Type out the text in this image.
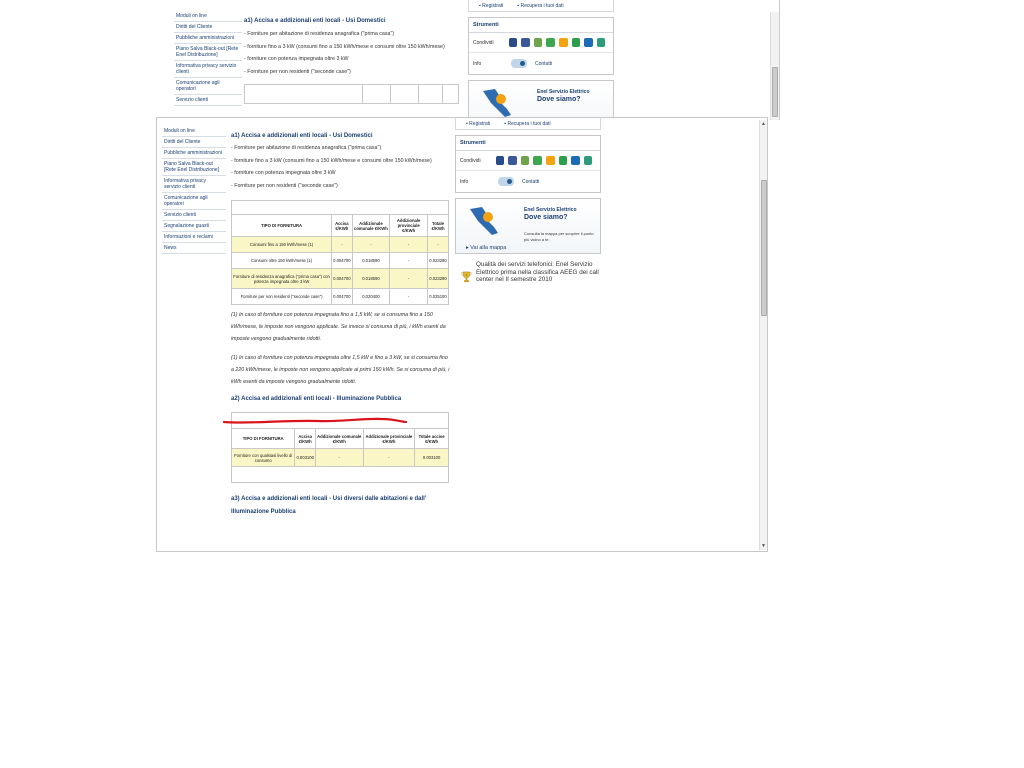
Moduli on line
Diritti del Cliente
Pubbliche amministrazioni
Piano Salva Black-out [Rete Enel Distribuzione]
Informativa privacy servizio clienti
Comunicazione agli operatori
Servizio clienti
a1) Accisa e addizionali enti locali - Usi Domestici
- Forniture per abitazione di residenza anagrafica ("prima casa")
- forniture fino a 3 kW (consumi fino a 150 kWh/mese e consumi oltre 150 kWh/mese)
- forniture con potenza impegnata oltre 3 kW
- Forniture per non residenti ("seconde case")
▪ Registrati	▪ Recupera i tuoi dati
Strumenti
Condividi
Info	Contatti
Enel Servizio Elettrico
Dove siamo?
Moduli on line
Diritti del Cliente
Pubbliche amministrazioni
Piano Salva Black-out [Rete Enel Distribuzione]
Informativa privacy servizio clienti
Comunicazione agli operatori
Servizio clienti
Segnalazione guasti
Informazioni e reclami
News
a1) Accisa e addizionali enti locali - Usi Domestici
- Forniture per abitazione di residenza anagrafica ("prima casa")
- forniture fino a 3 kW (consumi fino a 150 kWh/mese e consumi oltre 150 kWh/mese)
- forniture con potenza impegnata oltre 3 kW
- Forniture per non residenti ("seconde case")

TIPO DI FORNITURA	Accisa €/KWh	Addizionale comunale €/KWh	Addizionale provinciale €/KWh	Totale €/KWh
Consumi fino a 150 kWh/mese (1)	-	-	-	-
Consumi oltre 150 kWh/mese (1)	0.004700	0.018590	-	0.023290
Forniture di residenza anagrafica ("prima casa") con potenza impegnata oltre 3 kW	0.004700	0.018590	-	0.023290
Forniture per non residenti ("seconde case")	0.004700	0.020400	-	0.025100
(1) In caso di forniture con potenza impegnata fino a 1,5 kW, se si consuma fino a 150 kWh/mese, le imposte non vengono applicate. Se invece si consuma di più, i kWh esenti da imposte vengono gradualmente ridotti.
(1) In caso di forniture con potenza impegnata oltre 1,5 kW e fino a 3 kW, se si consuma fino a 220 kWh/mese, le imposte non vengono applicate ai primi 150 kWh. Se si consuma di più, i kWh esenti da imposte vengono gradualmente ridotti.
a2) Accisa ed addizionali enti locali - Illuminazione Pubblica

TIPO DI FORNITURA	Accisa €/KWh	Addizionale comunale €/KWh	Addizionale provinciale €/KWh	Totale accise €/KWh
Forniture con qualsiasi livello di consumo	0.003100	-	-	0.003100

a3) Accisa e addizionali enti locali - Usi diversi dalle abitazioni e dall' Illuminazione Pubblica
▪ Registrati	▪ Recupera i tuoi dati
Strumenti
Condividi
Info	Contatti
Enel Servizio Elettrico
Dove siamo?
Consulta la mappa per scoprire il punto più vicino a te.
▸ Vai alla mappa
1
Qualità dei servizi telefonici: Enel Servizio Elettrico prima nella classifica AEEG dei call center nel II semestre 2010
▲
▼
